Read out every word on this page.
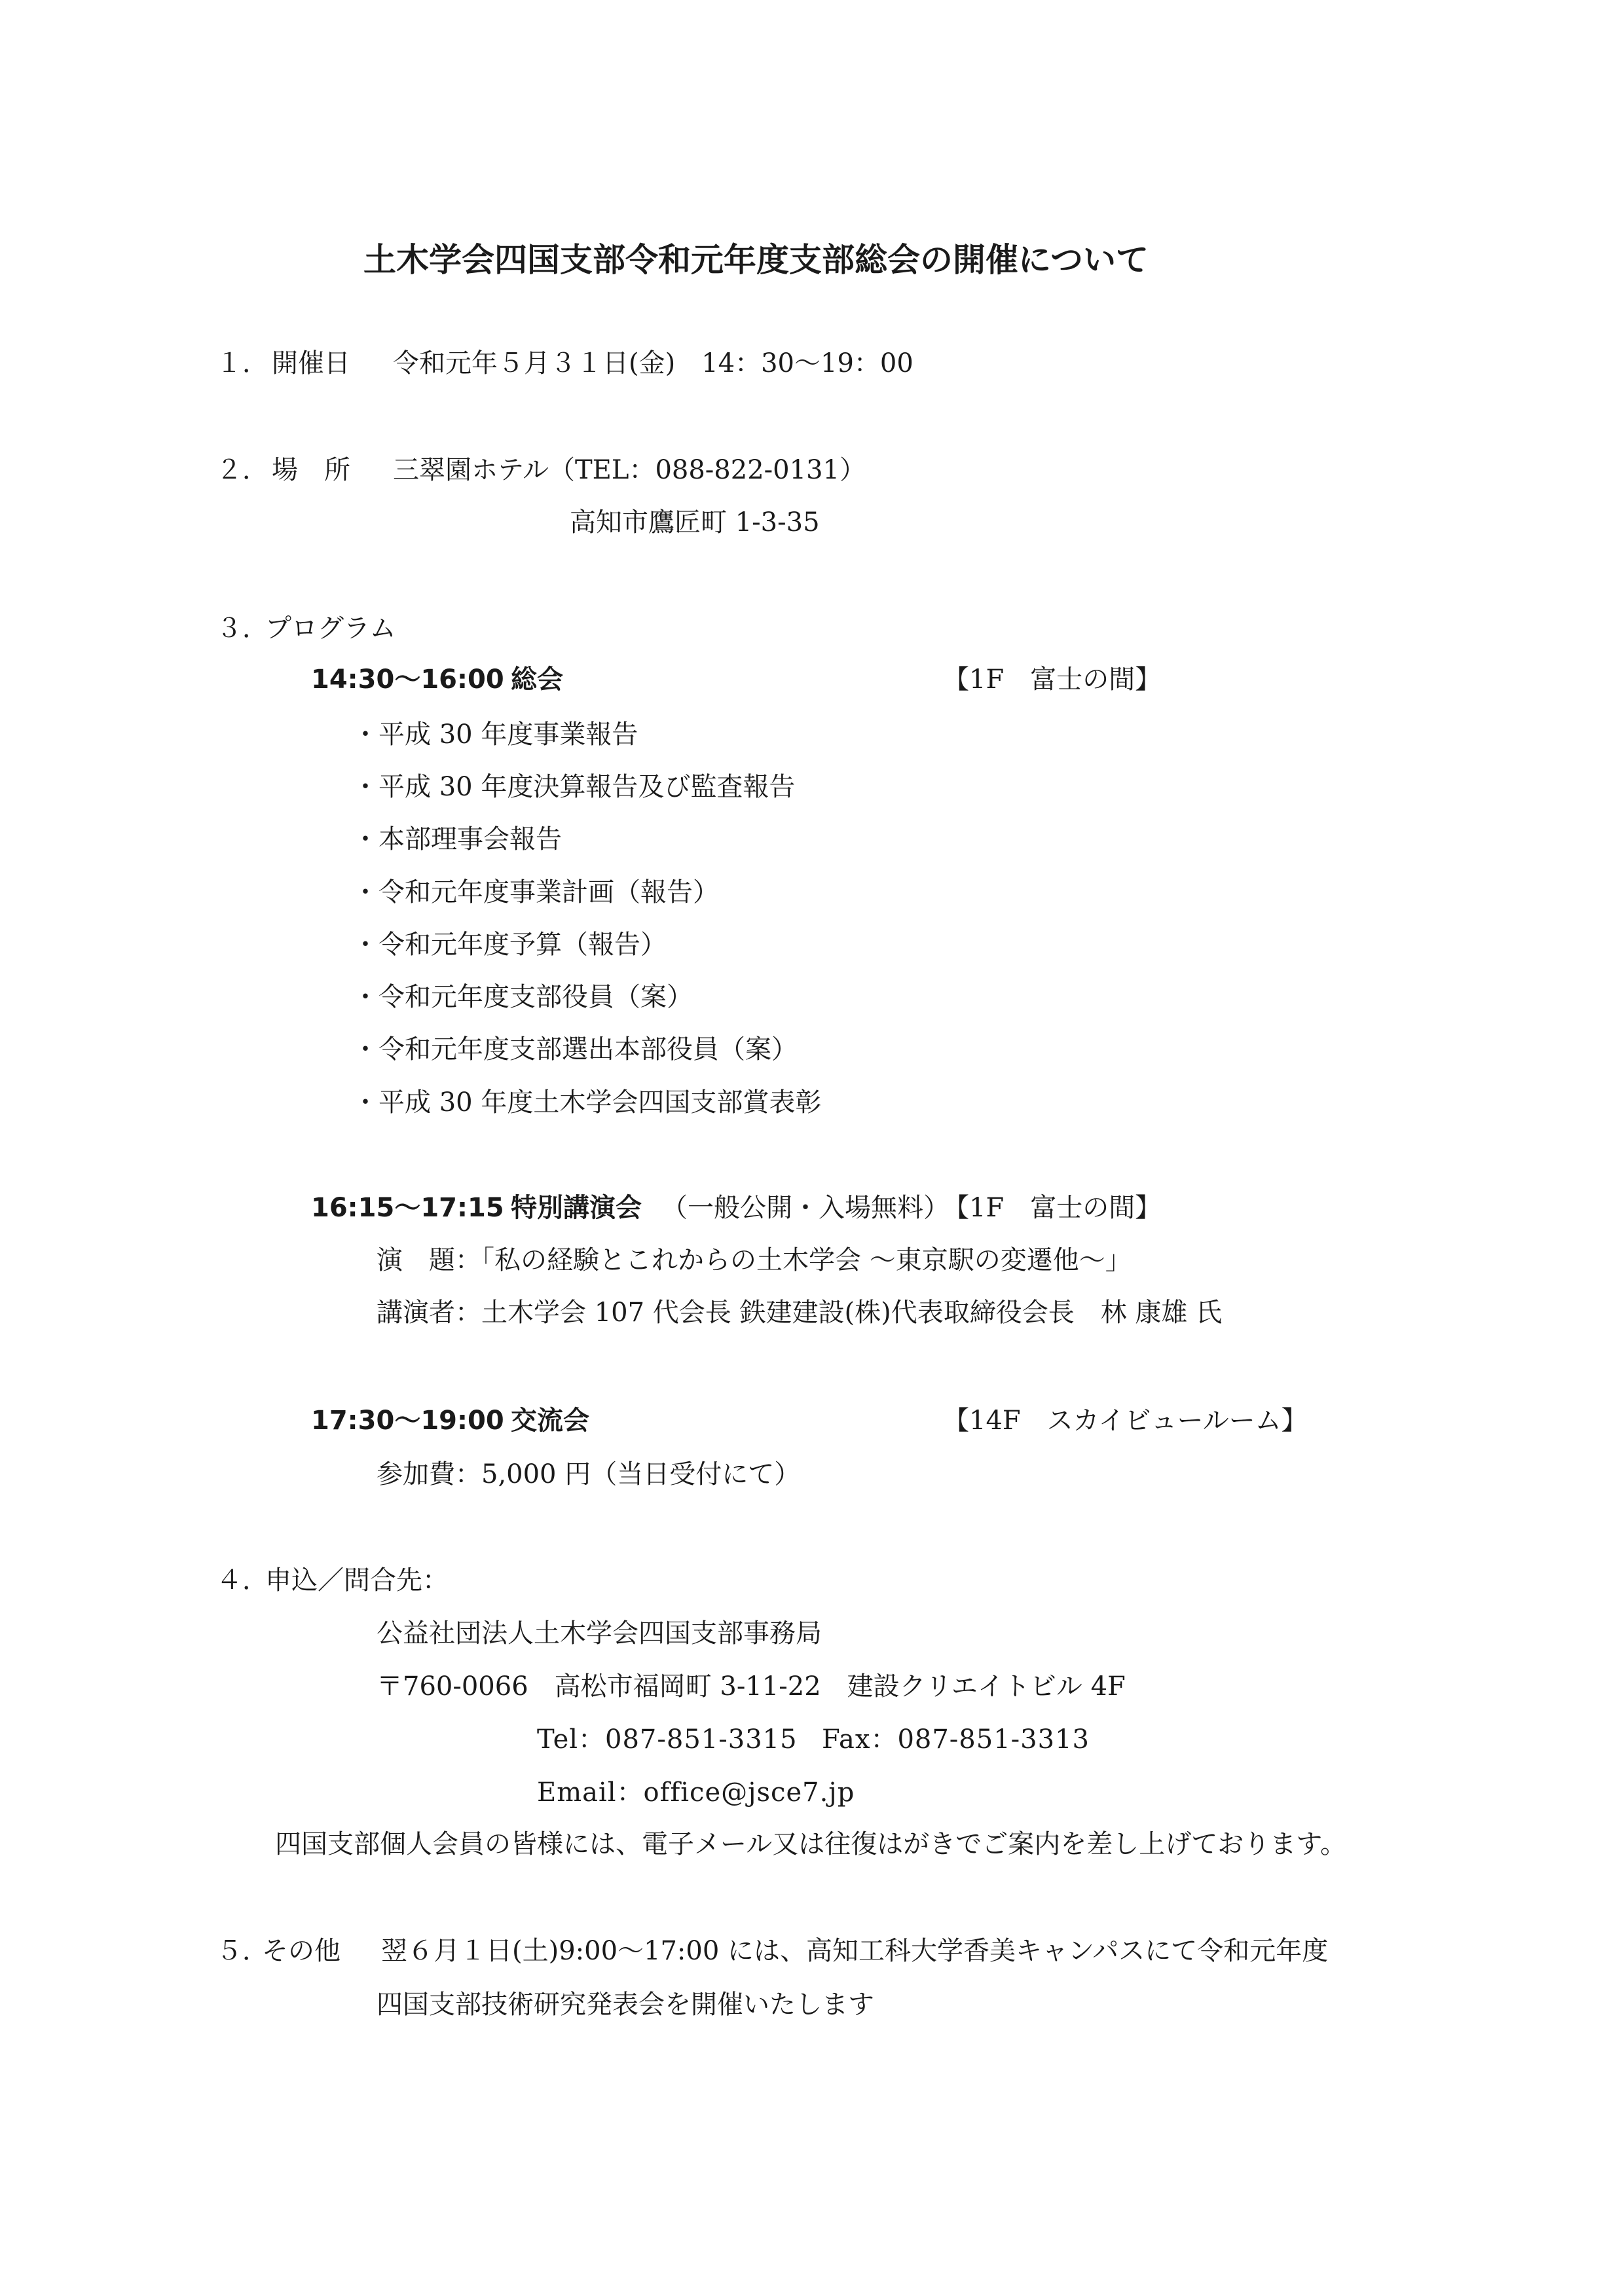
土木学会四国支部令和元年度支部総会の開催について
１． 開催日 令和元年５月３１日(金)　14：30～19：00
２． 場　所 三翠園ホテル（TEL：088-822-0131）
高知市鷹匠町 1-3-35
３．
プログラム
14:30～16:00 総会	【1F　富士の間】
・平成 30 年度事業報告
・平成 30 年度決算報告及び監査報告
・本部理事会報告
・令和元年度事業計画（報告）
・令和元年度予算（報告）
・令和元年度支部役員（案）
・令和元年度支部選出本部役員（案）
・平成 30 年度土木学会四国支部賞表彰
16:15～17:15 特別講演会 （一般公開・入場無料）
【1F　富士の間】
演　題：「私の経験とこれからの土木学会 ～東京駅の変遷他～」
講演者：土木学会 107 代会長 鉄建建設(株)代表取締役会長　林 康雄 氏
17:30～19:00 交流会	【14F　スカイビュールーム】
参加費：5,000 円（当日受付にて）
４．
申込／問合先：
公益社団法人土木学会四国支部事務局
〒760-0066　高松市福岡町 3-11-22　建設クリエイトビル 4F
Tel：087-851-3315 Fax：087-851-3313
Email：office@jsce7.jp
四国支部個人会員の皆様には、電子メール又は往復はがきでご案内を差し上げております。
５．
その他 翌６月１日(土)9:00～17:00 には、高知工科大学香美キャンパスにて令和元年度
四国支部技術研究発表会を開催いたします
